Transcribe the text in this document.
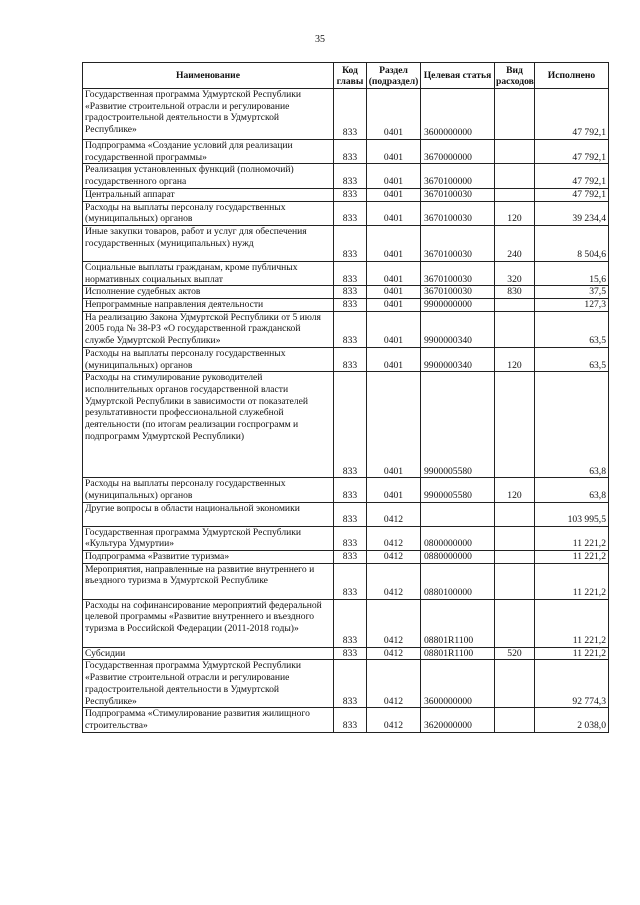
35
Наименование	Код главы	Раздел (подраздел)	Целевая статья	Вид расходов	Исполнено
Государственная программа Удмуртской Республики «Развитие строительной отрасли и регулирование градостроительной деятельности в Удмуртской Республике»	833	0401	3600000000		47 792,1
Подпрограмма «Создание условий для реализации государственной программы»	833	0401	3670000000		47 792,1
Реализация установленных функций (полномочий) государственного органа	833	0401	3670100000		47 792,1
Центральный аппарат	833	0401	3670100030		47 792,1
Расходы на выплаты персоналу государственных (муниципальных) органов	833	0401	3670100030	120	39 234,4
Иные закупки товаров, работ и услуг для обеспечения государственных (муниципальных) нужд	833	0401	3670100030	240	8 504,6
Социальные выплаты гражданам, кроме публичных нормативных социальных выплат	833	0401	3670100030	320	15,6
Исполнение судебных актов	833	0401	3670100030	830	37,5
Непрограммные направления деятельности	833	0401	9900000000		127,3
На реализацию Закона Удмуртской Республики от 5 июля 2005 года № 38-РЗ «О государственной гражданской службе Удмуртской Республики»	833	0401	9900000340		63,5
Расходы на выплаты персоналу государственных (муниципальных) органов	833	0401	9900000340	120	63,5
Расходы на стимулирование руководителей исполнительных органов государственной власти Удмуртской Республики в зависимости от показателей результативности профессиональной служебной деятельности (по итогам реализации госпрограмм и подпрограмм Удмуртской Республики)	833	0401	9900005580		63,8
Расходы на выплаты персоналу государственных (муниципальных) органов	833	0401	9900005580	120	63,8
Другие вопросы в области национальной экономики	833	0412			103 995,5
Государственная программа Удмуртской Республики «Культура Удмуртии»	833	0412	0800000000		11 221,2
Подпрограмма «Развитие туризма»	833	0412	0880000000		11 221,2
Мероприятия, направленные на развитие внутреннего и въездного туризма в Удмуртской Республике	833	0412	0880100000		11 221,2
Расходы на софинансирование мероприятий федеральной целевой программы «Развитие внутреннего и въездного туризма в Российской Федерации (2011-2018 годы)»	833	0412	08801R1100		11 221,2
Субсидии	833	0412	08801R1100	520	11 221,2
Государственная программа Удмуртской Республики «Развитие строительной отрасли и регулирование градостроительной деятельности в Удмуртской Республике»	833	0412	3600000000		92 774,3
Подпрограмма «Стимулирование развития жилищного строительства»	833	0412	3620000000		2 038,0
